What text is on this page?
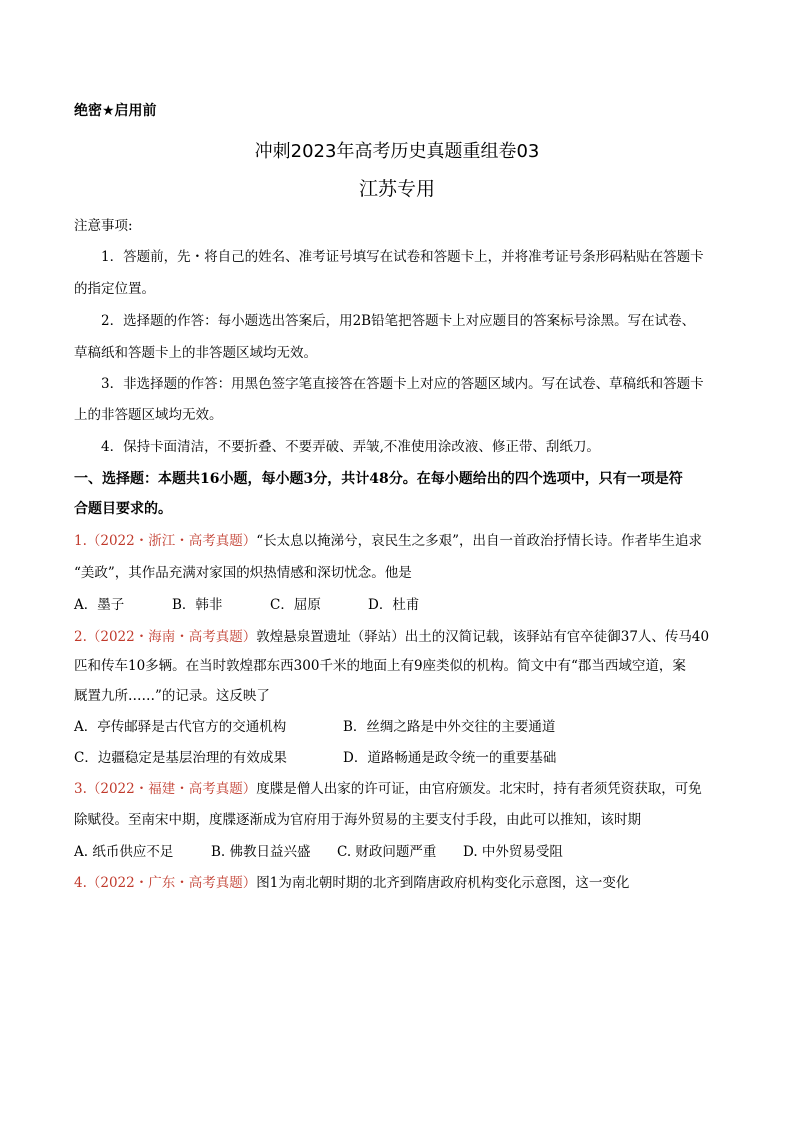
绝密★启用前
冲刺2023年高考历史真题重组卷03
江苏专用
注意事项:
1．答题前，先・将自己的姓名、准考证号填写在试卷和答题卡上，并将准考证号条形码粘贴在答题卡
的指定位置。
2．选择题的作答：每小题选出答案后，用2B铅笔把答题卡上对应题目的答案标号涂黑。写在试卷、
草稿纸和答题卡上的非答题区域均无效。
3．非选择题的作答：用黑色签字笔直接答在答题卡上对应的答题区域内。写在试卷、草稿纸和答题卡
上的非答题区域均无效。
4．保持卡面清洁，不要折叠、不要弄破、弄皱,不准使用涂改液、修正带、刮纸刀。
一、选择题：本题共16小题，每小题3分，共计48分。在每小题给出的四个选项中，只有一项是符
合题目要求的。
1.（2022・浙江・高考真题）“长太息以掩涕兮，哀民生之多艰”，出自一首政治抒情长诗。作者毕生追求
“美政”，其作品充满对家国的炽热情感和深切忧念。他是
A．墨子	B．韩非	C．屈原	D．杜甫
2.（2022・海南・高考真题）敦煌悬泉置遗址（驿站）出土的汉简记载，该驿站有官卒徒御37人、传马40
匹和传车10多辆。在当时敦煌郡东西300千米的地面上有9座类似的机构。简文中有“郡当西域空道，案
厩置九所……”的记录。这反映了
A．亭传邮驿是古代官方的交通机构	B．丝绸之路是中外交往的主要通道
C．边疆稳定是基层治理的有效成果	D．道路畅通是政令统一的重要基础
3.（2022・福建・高考真题）度牒是僧人出家的许可证，由官府颁发。北宋时，持有者须凭资获取，可免
除赋役。至南宋中期，度牒逐渐成为官府用于海外贸易的主要支付手段，由此可以推知，该时期
A. 纸币供应不足	B. 佛教日益兴盛 C. 财政问题严重 D. 中外贸易受阻
4.（2022・广东・高考真题）图1为南北朝时期的北齐到隋唐政府机构变化示意图，这一变化
